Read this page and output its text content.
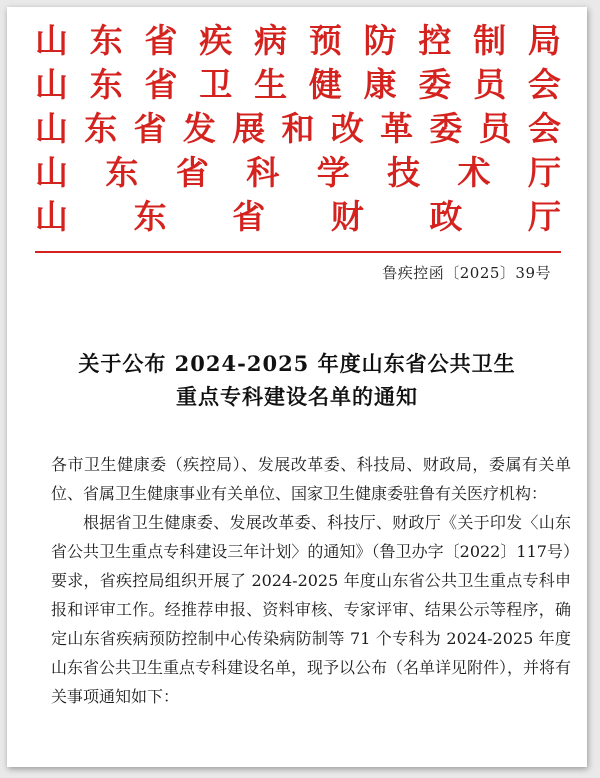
山 东 省 疾 病 预 防 控 制 局
山 东 省 卫 生 健 康 委 员 会
山 东 省 发 展 和 改 革 委 员 会
山 东 省 科 学 技 术 厅
山 东 省 财 政 厅
鲁疾控函〔2025〕39号
关于公布 2024-2025 年度山东省公共卫生
重点专科建设名单的通知

各市卫生健康委（疾控局）、发展改革委、科技局、财政局，委属有关单位、省属卫生健康事业有关单位、国家卫生健康委驻鲁有关医疗机构：

根据省卫生健康委、发展改革委、科技厅、财政厅《关于印发〈山东省公共卫生重点专科建设三年计划〉的通知》（鲁卫办字〔2022〕117号）要求，省疾控局组织开展了 2024-2025 年度山东省公共卫生重点专科申报和评审工作。经推荐申报、资料审核、专家评审、结果公示等程序，确定山东省疾病预防控制中心传染病防制等 71 个专科为 2024-2025 年度山东省公共卫生重点专科建设名单，现予以公布（名单详见附件），并将有关事项通知如下：
